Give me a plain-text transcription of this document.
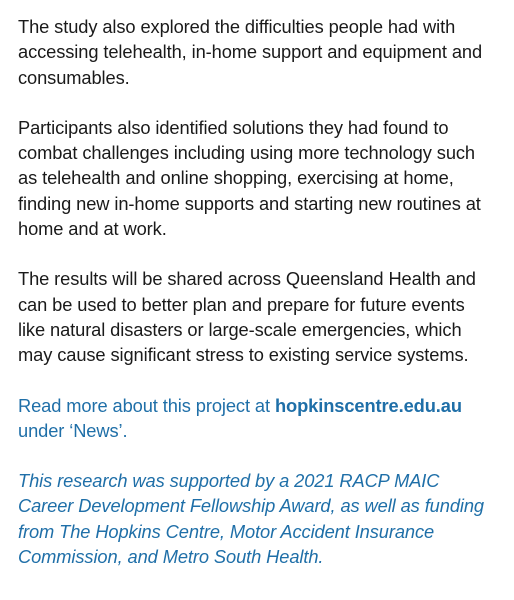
The study also explored the difficulties people had with accessing telehealth, in-home support and equipment and consumables.

Participants also identified solutions they had found to combat challenges including using more technology such as telehealth and online shopping, exercising at home, finding new in-home supports and starting new routines at home and at work.

The results will be shared across Queensland Health and can be used to better plan and prepare for future events like natural disasters or large-scale emergencies, which may cause significant stress to existing service systems.

Read more about this project at hopkinscentre.edu.au
under ‘News’.

This research was supported by a 2021 RACP MAIC Career Development Fellowship Award, as well as funding from The Hopkins Centre, Motor Accident Insurance Commission, and Metro South Health.
